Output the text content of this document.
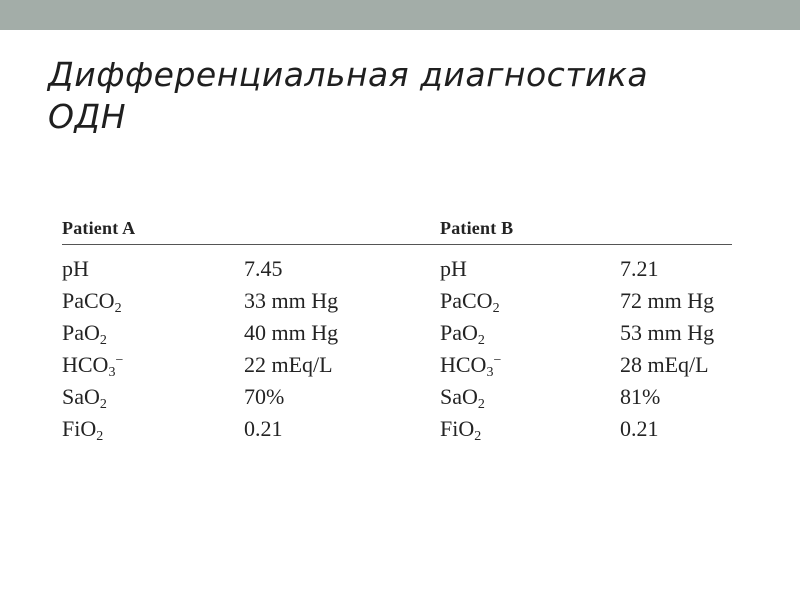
Дифференциальная диагностика
ОДН
Patient A	Patient B
pH	7.45	pH	7.21
PaCO$_2$	33 mm Hg	PaCO$_2$	72 mm Hg
PaO$_2$	40 mm Hg	PaO$_2$	53 mm Hg
$HCO_3^-$	22 mEq/L	$HCO_3^-$	28 mEq/L
SaO$_2$	70%	SaO$_2$	81%
FiO$_2$	0.21	FiO$_2$	0.21
